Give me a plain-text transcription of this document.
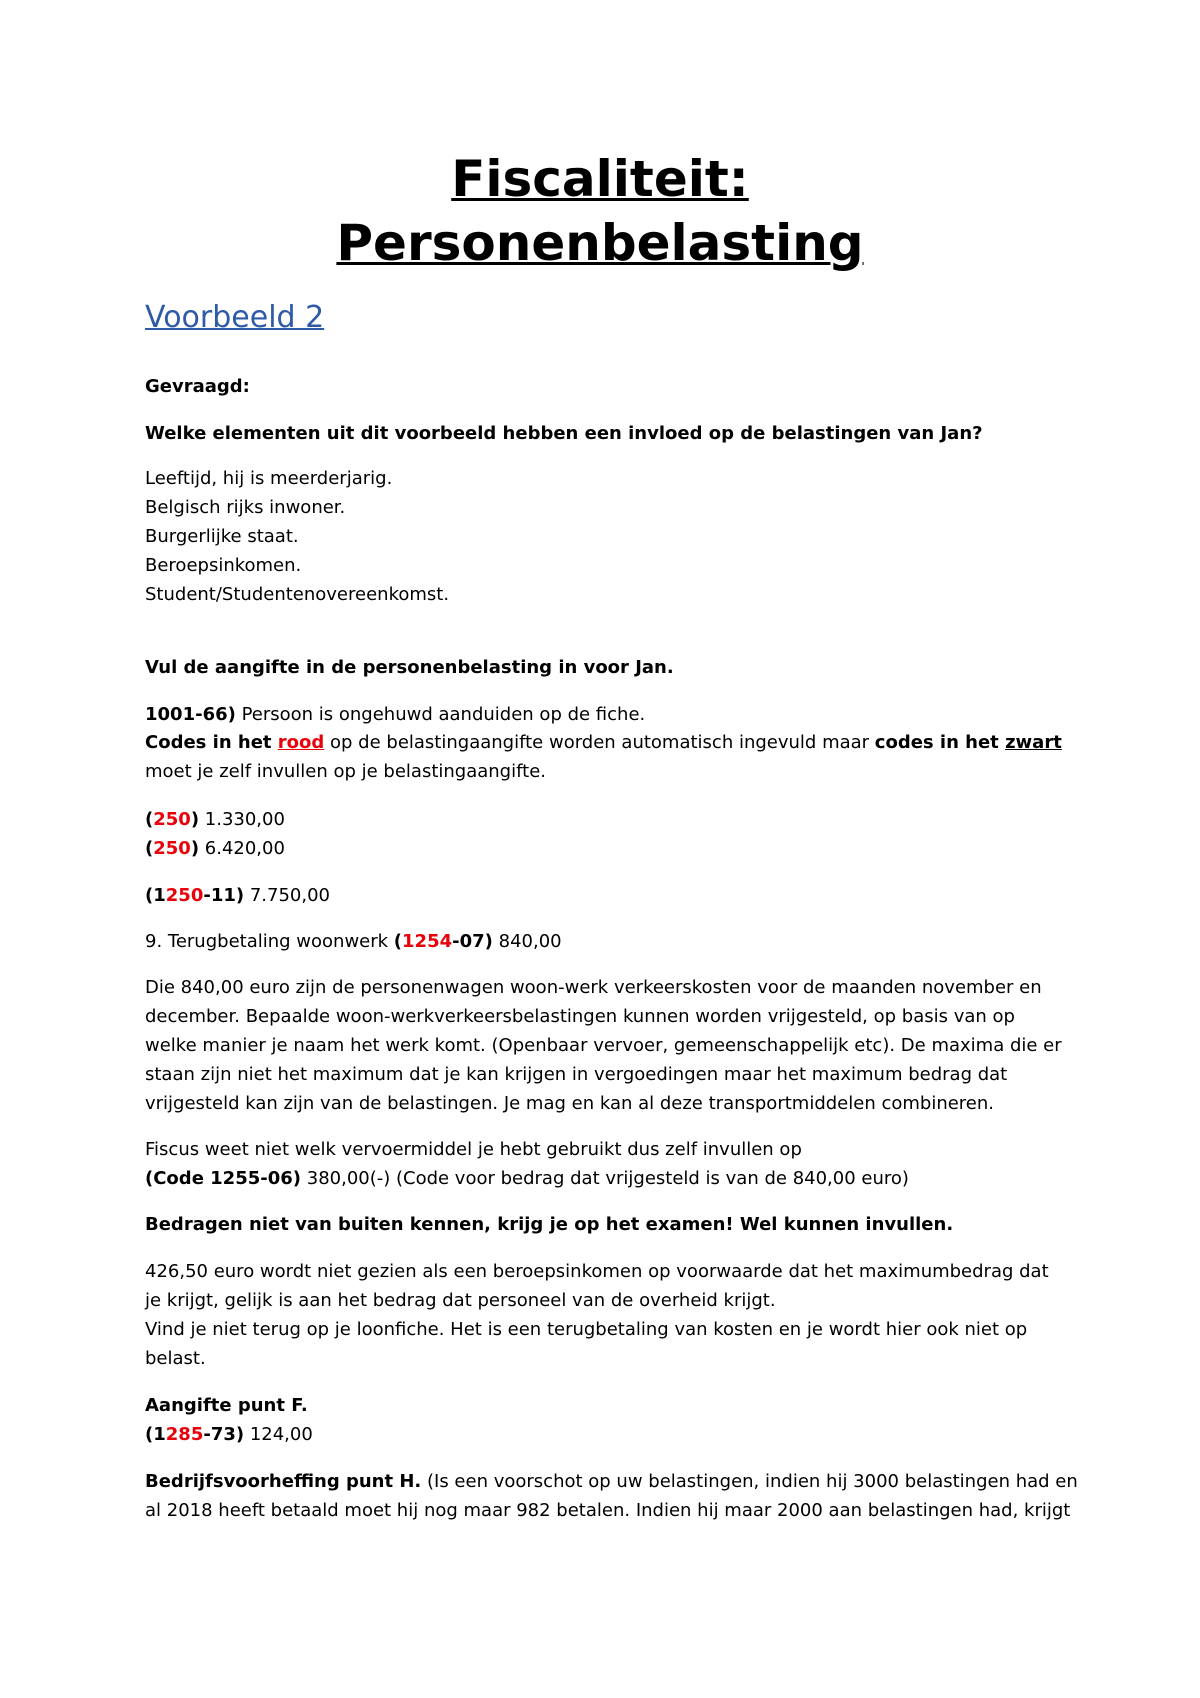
Fiscaliteit:
Personenbelasting
Voorbeeld 2
Gevraagd:
Welke elementen uit dit voorbeeld hebben een invloed op de belastingen van Jan?
Leeftijd, hij is meerderjarig.
Belgisch rijks inwoner.
Burgerlijke staat.
Beroepsinkomen.
Student/Studentenovereenkomst.
Vul de aangifte in de personenbelasting in voor Jan.
1001-66) Persoon is ongehuwd aanduiden op de fiche.
Codes in het rood op de belastingaangifte worden automatisch ingevuld maar codes in het zwart
moet je zelf invullen op je belastingaangifte.
(250) 1.330,00
(250) 6.420,00
(1250-11) 7.750,00
9. Terugbetaling woonwerk (1254-07) 840,00
Die 840,00 euro zijn de personenwagen woon-werk verkeerskosten voor de maanden november en
december. Bepaalde woon-werkverkeersbelastingen kunnen worden vrijgesteld, op basis van op
welke manier je naam het werk komt. (Openbaar vervoer, gemeenschappelijk etc). De maxima die er
staan zijn niet het maximum dat je kan krijgen in vergoedingen maar het maximum bedrag dat
vrijgesteld kan zijn van de belastingen. Je mag en kan al deze transportmiddelen combineren.
Fiscus weet niet welk vervoermiddel je hebt gebruikt dus zelf invullen op
(Code 1255-06) 380,00(-) (Code voor bedrag dat vrijgesteld is van de 840,00 euro)
Bedragen niet van buiten kennen, krijg je op het examen! Wel kunnen invullen.
426,50 euro wordt niet gezien als een beroepsinkomen op voorwaarde dat het maximumbedrag dat
je krijgt, gelijk is aan het bedrag dat personeel van de overheid krijgt.
Vind je niet terug op je loonfiche. Het is een terugbetaling van kosten en je wordt hier ook niet op
belast.
Aangifte punt F.
(1285-73) 124,00
Bedrijfsvoorheffing punt H. (Is een voorschot op uw belastingen, indien hij 3000 belastingen had en
al 2018 heeft betaald moet hij nog maar 982 betalen. Indien hij maar 2000 aan belastingen had, krijgt
